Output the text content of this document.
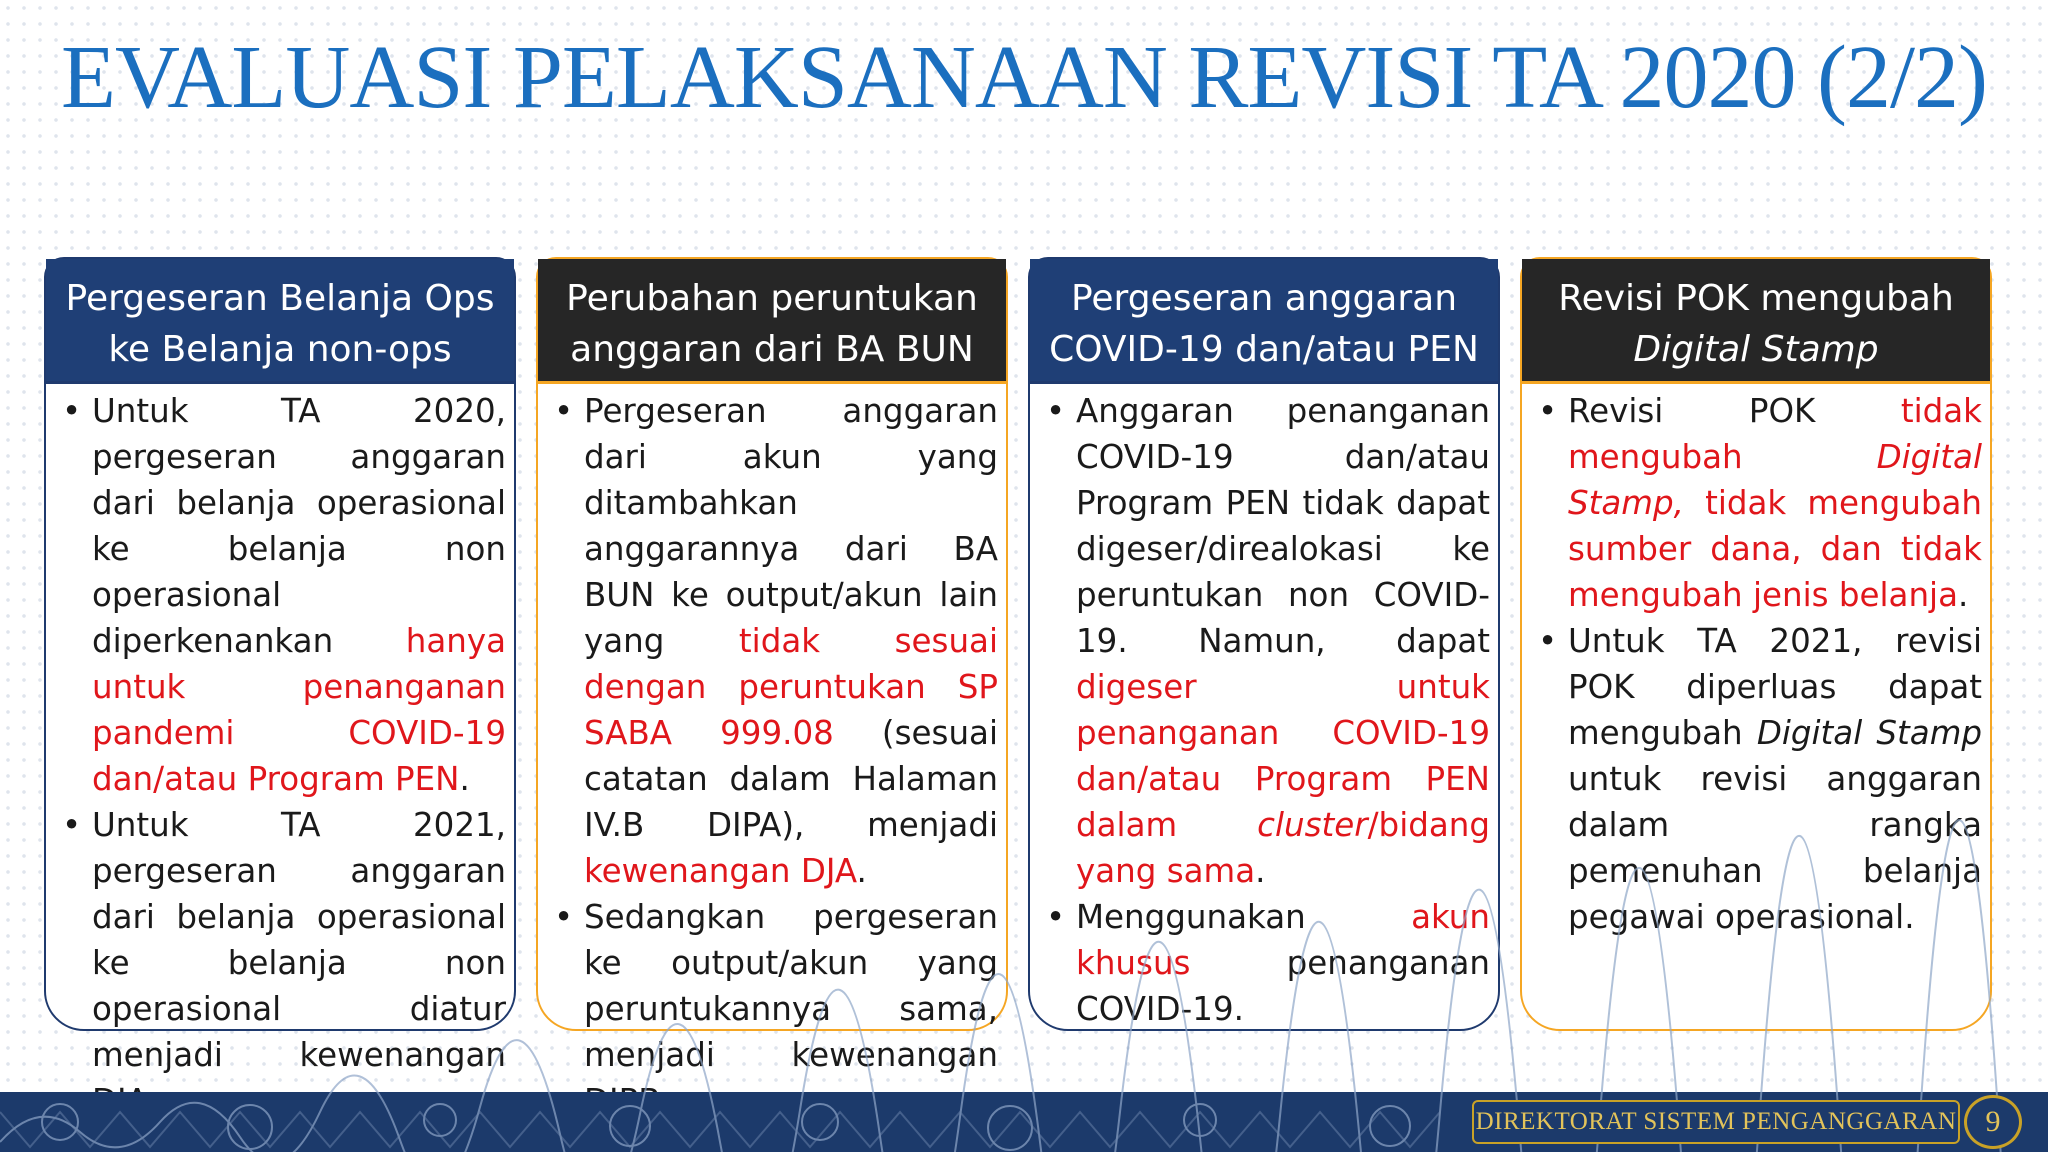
EVALUASI PELAKSANAAN REVISI TA 2020 (2/2)
Pergeseran Belanja Ops
ke Belanja non-ops
• Untuk TA 2020, pergeseran anggaran dari belanja operasional ke belanja non operasional diperkenankan hanya untuk penanganan pandemi COVID-19 dan/atau Program PEN.
• Untuk TA 2021, pergeseran anggaran dari belanja operasional ke belanja non operasional diatur menjadi kewenangan
Perubahan peruntukan
anggaran dari BA BUN
• Pergeseran anggaran dari akun yang ditambahkan anggarannya dari BA BUN ke output/akun lain yang tidak sesuai dengan peruntukan SP SABA 999.08 (sesuai catatan dalam Halaman IV.B DIPA), menjadi kewenangan DJA.
• Sedangkan pergeseran ke output/akun yang peruntukannya sama, menjadi kewenangan
Pergeseran anggaran
COVID-19 dan/atau PEN
• Anggaran penanganan COVID-19 dan/atau Program PEN tidak dapat digeser/direalokasi ke peruntukan non COVID-19. Namun, dapat digeser untuk penanganan COVID-19 dan/atau Program PEN dalam cluster/bidang yang sama.
• Menggunakan akun khusus penanganan COVID-19.
Revisi POK mengubah
Digital Stamp
• Revisi POK tidak mengubah Digital Stamp, tidak mengubah sumber dana, dan tidak mengubah jenis belanja.
• Untuk TA 2021, revisi POK diperluas dapat mengubah Digital Stamp untuk revisi anggaran dalam rangka pemenuhan belanja pegawai operasional.
DIREKTORAT SISTEM PENGANGGARAN 9
